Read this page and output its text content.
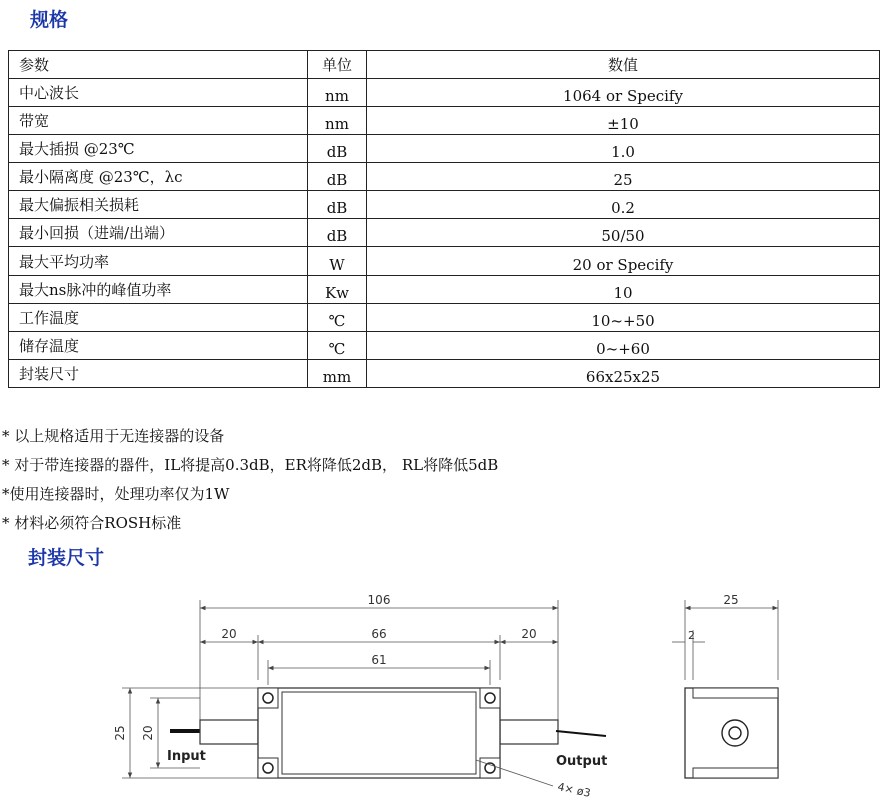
规格
参数	单位	数值
中心波长	nm	1064 or Specify
带宽	nm	±10
最大插损 @23℃	dB	1.0
最小隔离度 @23℃，λc	dB	25
最大偏振相关损耗	dB	0.2
最小回损（进端/出端）	dB	50/50
最大平均功率	W	20 or Specify
最大ns脉冲的峰值功率	Kw	10
工作温度	℃	10~+50
储存温度	℃	0~+60
封装尺寸	mm	66x25x25
* 以上规格适用于无连接器的设备
* 对于带连接器的器件，IL将提高0.3dB，ER将降低2dB， RL将降低5dB
*使用连接器时，处理功率仅为1W
* 材料必须符合ROSH标准
封装尺寸
106
20	66	20
61
25 20
Input	Output
4× ø3
25
2
